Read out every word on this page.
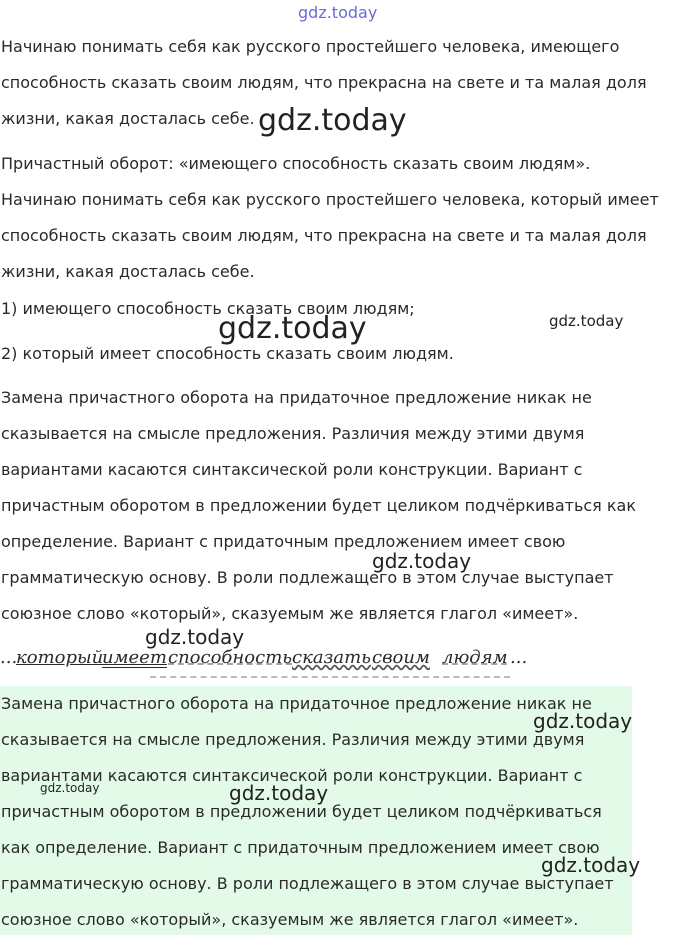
Начинаю понимать себя как русского простейшего человека, имеющего
способность сказать своим людям, что прекрасна на свете и та малая доля
жизни, какая досталась себе.
Причастный оборот: «имеющего способность сказать своим людям».
Начинаю понимать себя как русского простейшего человека, который имеет
способность сказать своим людям, что прекрасна на свете и та малая доля
жизни, какая досталась себе.
1) имеющего способность сказать своим людям;
2) который имеет способность сказать своим людям.
Замена причастного оборота на придаточное предложение никак не
сказывается на смысле предложения. Различия между этими двумя
вариантами касаются синтаксической роли конструкции. Вариант с
причастным оборотом в предложении будет целиком подчёркиваться как
определение. Вариант с придаточным предложением имеет свою
грамматическую основу. В роли подлежащего в этом случае выступает
союзное слово «который», сказуемым же является глагол «имеет».
...
который
имеет способность сказать своим людям ...
Замена причастного оборота на придаточное предложение никак не
сказывается на смысле предложения. Различия между этими двумя
вариантами касаются синтаксической роли конструкции. Вариант с
причастным оборотом в предложении будет целиком подчёркиваться
как определение. Вариант с придаточным предложением имеет свою
грамматическую основу. В роли подлежащего в этом случае выступает
союзное слово «который», сказуемым же является глагол «имеет».
gdz.today
gdz.today
gdz.today	gdz.today
gdz.today
gdz.today
gdz.today
gdz.today	gdz.today
gdz.today
